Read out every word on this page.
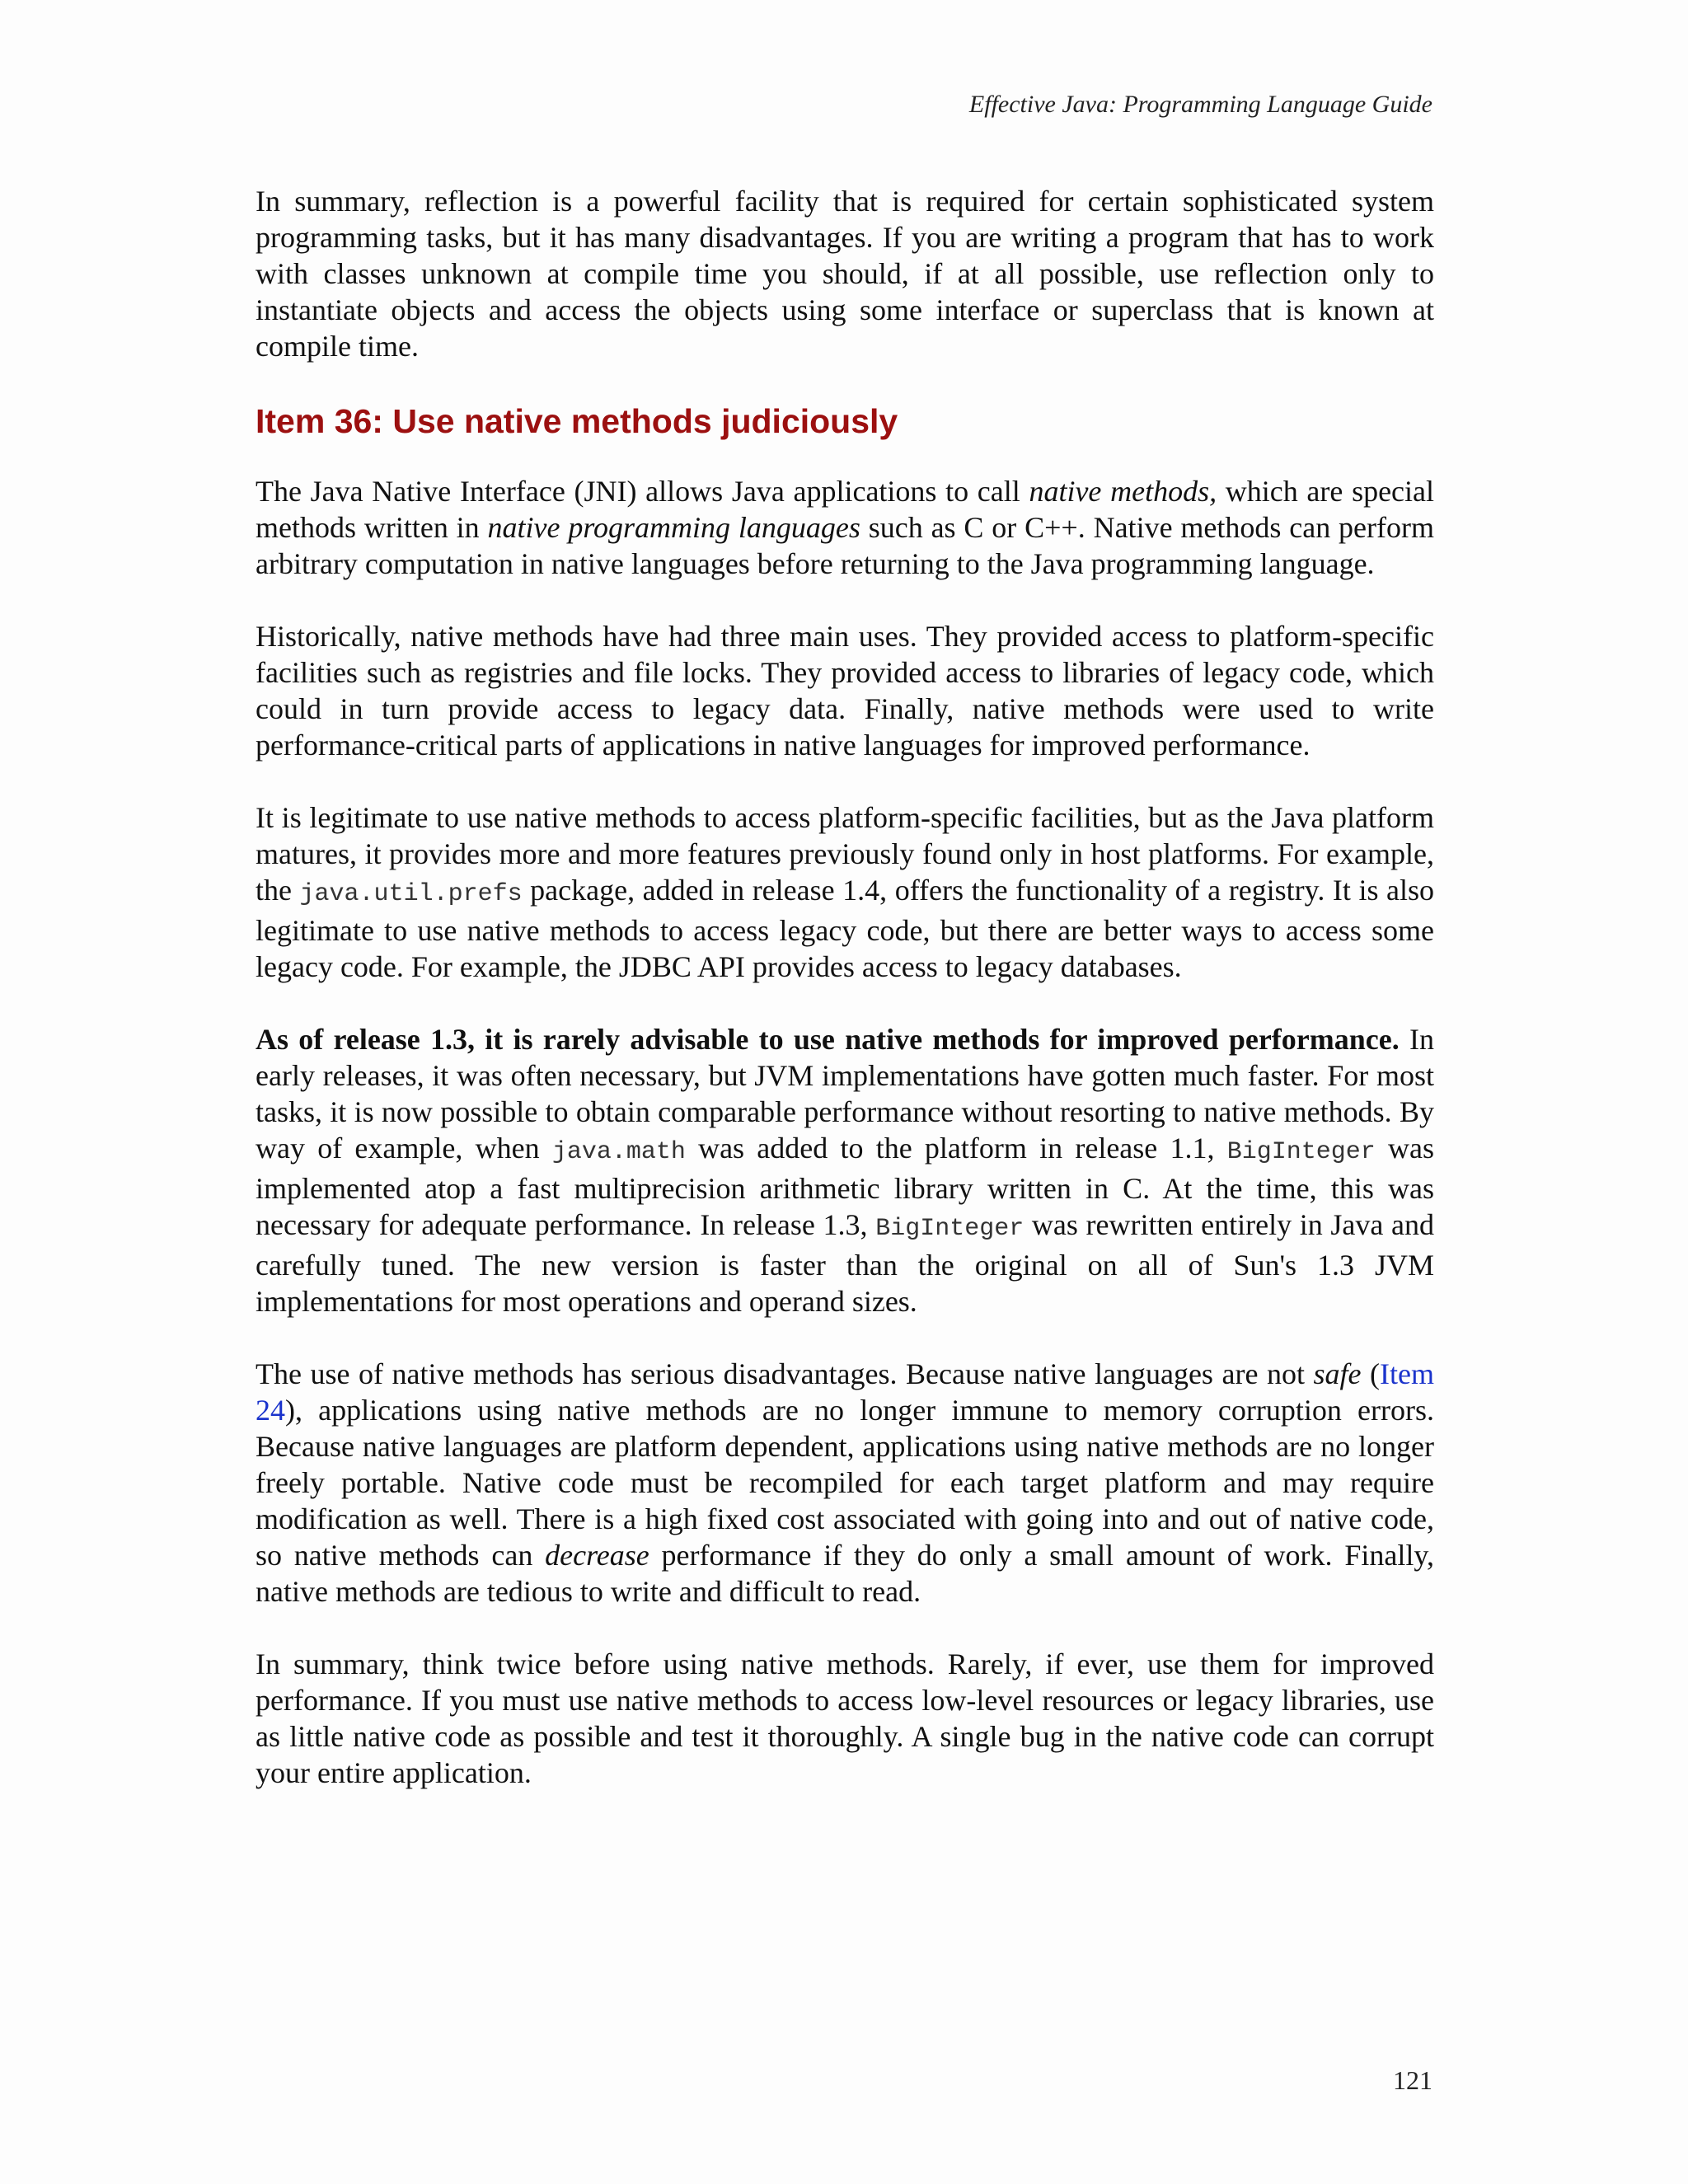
Effective Java: Programming Language Guide

In summary, reflection is a powerful facility that is required for certain sophisticated system programming tasks, but it has many disadvantages. If you are writing a program that has to work with classes unknown at compile time you should, if at all possible, use reflection only to instantiate objects and access the objects using some interface or superclass that is known at compile time.

Item 36: Use native methods judiciously

The Java Native Interface (JNI) allows Java applications to call native methods, which are special methods written in native programming languages such as C or C++. Native methods can perform arbitrary computation in native languages before returning to the Java programming language.

Historically, native methods have had three main uses. They provided access to platform-specific facilities such as registries and file locks. They provided access to libraries of legacy code, which could in turn provide access to legacy data. Finally, native methods were used to write performance-critical parts of applications in native languages for improved performance.

It is legitimate to use native methods to access platform-specific facilities, but as the Java platform matures, it provides more and more features previously found only in host platforms. For example, the java.util.prefs package, added in release 1.4, offers the functionality of a registry. It is also legitimate to use native methods to access legacy code, but there are better ways to access some legacy code. For example, the JDBC API provides access to legacy databases.

As of release 1.3, it is rarely advisable to use native methods for improved performance. In early releases, it was often necessary, but JVM implementations have gotten much faster. For most tasks, it is now possible to obtain comparable performance without resorting to native methods. By way of example, when java.math was added to the platform in release 1.1, BigInteger was implemented atop a fast multiprecision arithmetic library written in C. At the time, this was necessary for adequate performance. In release 1.3, BigInteger was rewritten entirely in Java and carefully tuned. The new version is faster than the original on all of Sun's 1.3 JVM implementations for most operations and operand sizes.

The use of native methods has serious disadvantages. Because native languages are not safe (Item 24), applications using native methods are no longer immune to memory corruption errors. Because native languages are platform dependent, applications using native methods are no longer freely portable. Native code must be recompiled for each target platform and may require modification as well. There is a high fixed cost associated with going into and out of native code, so native methods can decrease performance if they do only a small amount of work. Finally, native methods are tedious to write and difficult to read.

In summary, think twice before using native methods. Rarely, if ever, use them for improved performance. If you must use native methods to access low-level resources or legacy libraries, use as little native code as possible and test it thoroughly. A single bug in the native code can corrupt your entire application.

121
